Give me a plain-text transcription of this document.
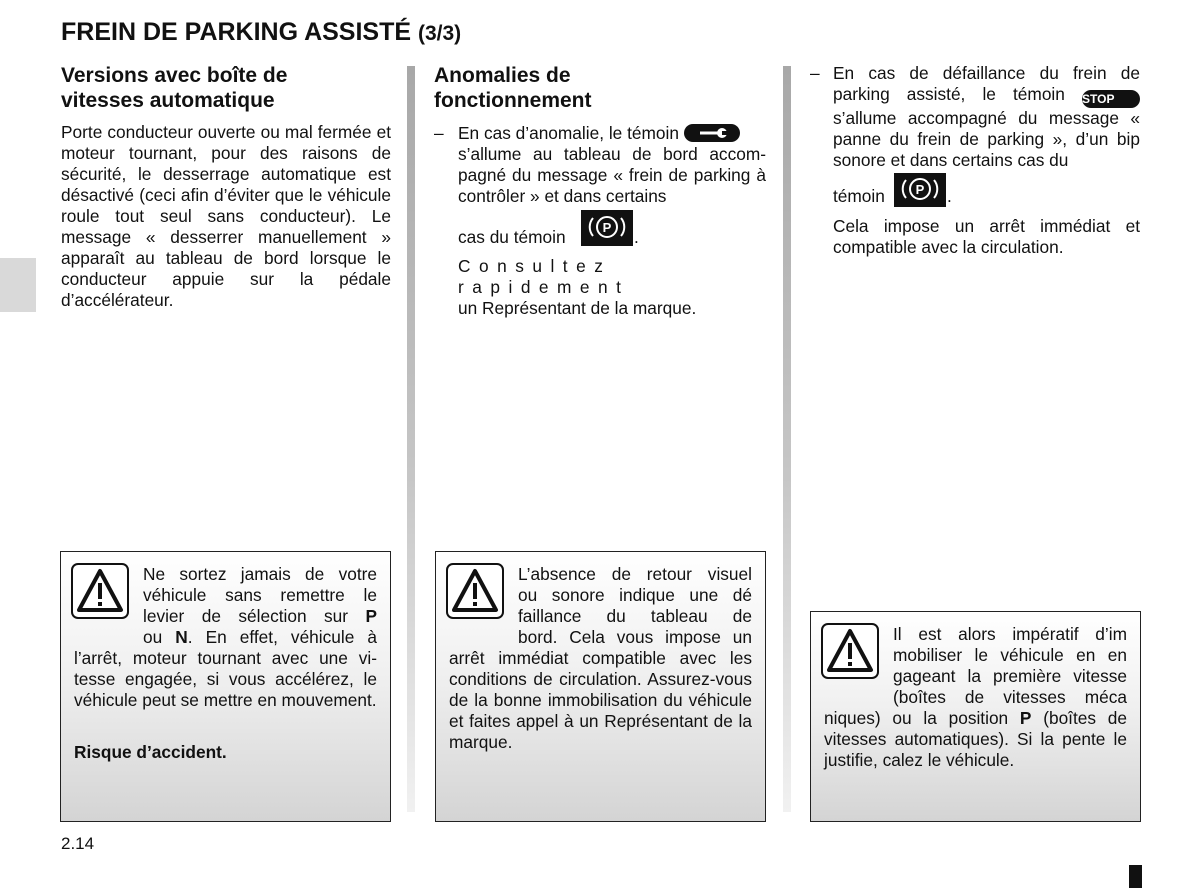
FREIN DE PARKING ASSISTÉ (3/3)
Versions avec boîte de
vitesses automatique
Porte conducteur ouverte ou mal fermée et moteur tournant, pour des raisons de sécurité, le desserrage automatique est désactivé (ceci afin d’éviter que le véhicule roule tout seul sans conducteur). Le message « desserrer manuellement » apparaît au tableau de bord lorsque le conducteur appuie sur la pédale d’accélérateur.
Ne sortez jamais de votre
véhicule sans remettre le
levier de sélection sur P
ou N. En effet, véhicule à
l’arrêt, moteur tournant avec une vitesse engagée, si vous accélérez, le véhicule peut se mettre en mouvement.
Risque d’accident.
Anomalies de
fonctionnement
– En cas d’anomalie, le témoin
s’allume au tableau de bord accompagné du message « frein de parking à contrôler » et dans certains
cas du témoin	P .
Consultez rapidement
un Représentant de la marque.
L’absence de retour visuel
ou sonore indique une dé
faillance du tableau de
bord. Cela vous impose un
arrêt immédiat compatible avec les conditions de circulation. Assurez-vous de la bonne immobilisation du véhicule et faites appel à un Représentant de la marque.
– En cas de défaillance du frein de
parking assisté, le témoin STOP
s’allume accompagné du message « panne du frein de parking », d’un bip sonore et dans certains cas du
témoin P .
Cela impose un arrêt immédiat et compatible avec la circulation.
Il est alors impératif d’im
mobiliser le véhicule en en
gageant la première vitesse
(boîtes de vitesses méca
niques) ou la position P (boîtes de
vitesses automatiques). Si la pente le justifie, calez le véhicule.
2.14
